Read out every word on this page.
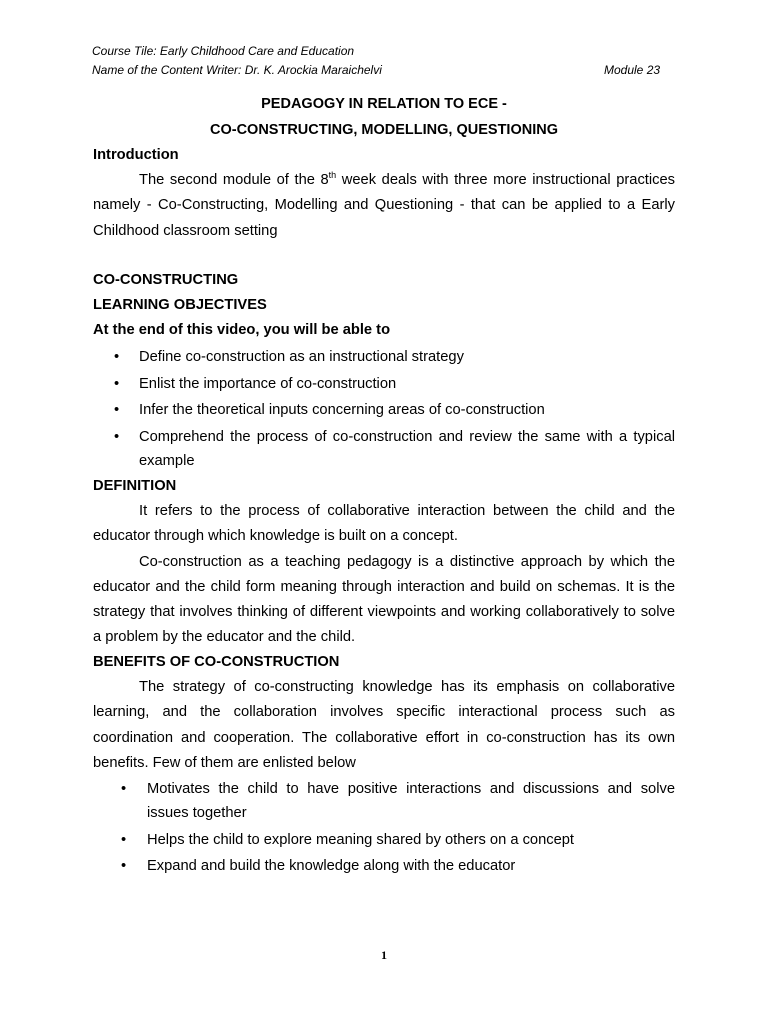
Course Tile: Early Childhood Care and Education
Name of the Content Writer: Dr. K. Arockia Maraichelvi	Module 23
PEDAGOGY IN RELATION TO ECE -
CO-CONSTRUCTING, MODELLING, QUESTIONING
Introduction

The second module of the 8th week deals with three more instructional practices namely - Co-Constructing, Modelling and Questioning - that can be applied to a Early Childhood classroom setting

CO-CONSTRUCTING
LEARNING OBJECTIVES
At the end of this video, you will be able to
• Define co-construction as an instructional strategy
• Enlist the importance of co-construction
• Infer the theoretical inputs concerning areas of co-construction
• Comprehend the process of co-construction and review the same with a typical example
DEFINITION

It refers to the process of collaborative interaction between the child and the educator through which knowledge is built on a concept.

Co-construction as a teaching pedagogy is a distinctive approach by which the educator and the child form meaning through interaction and build on schemas. It is the strategy that involves thinking of different viewpoints and working collaboratively to solve a problem by the educator and the child.

BENEFITS OF CO-CONSTRUCTION

The strategy of co-constructing knowledge has its emphasis on collaborative learning, and the collaboration involves specific interactional process such as coordination and cooperation. The collaborative effort in co-construction has its own benefits. Few of them are enlisted below

• Motivates the child to have positive interactions and discussions and solve issues together
• Helps the child to explore meaning shared by others on a concept
• Expand and build the knowledge along with the educator
1
